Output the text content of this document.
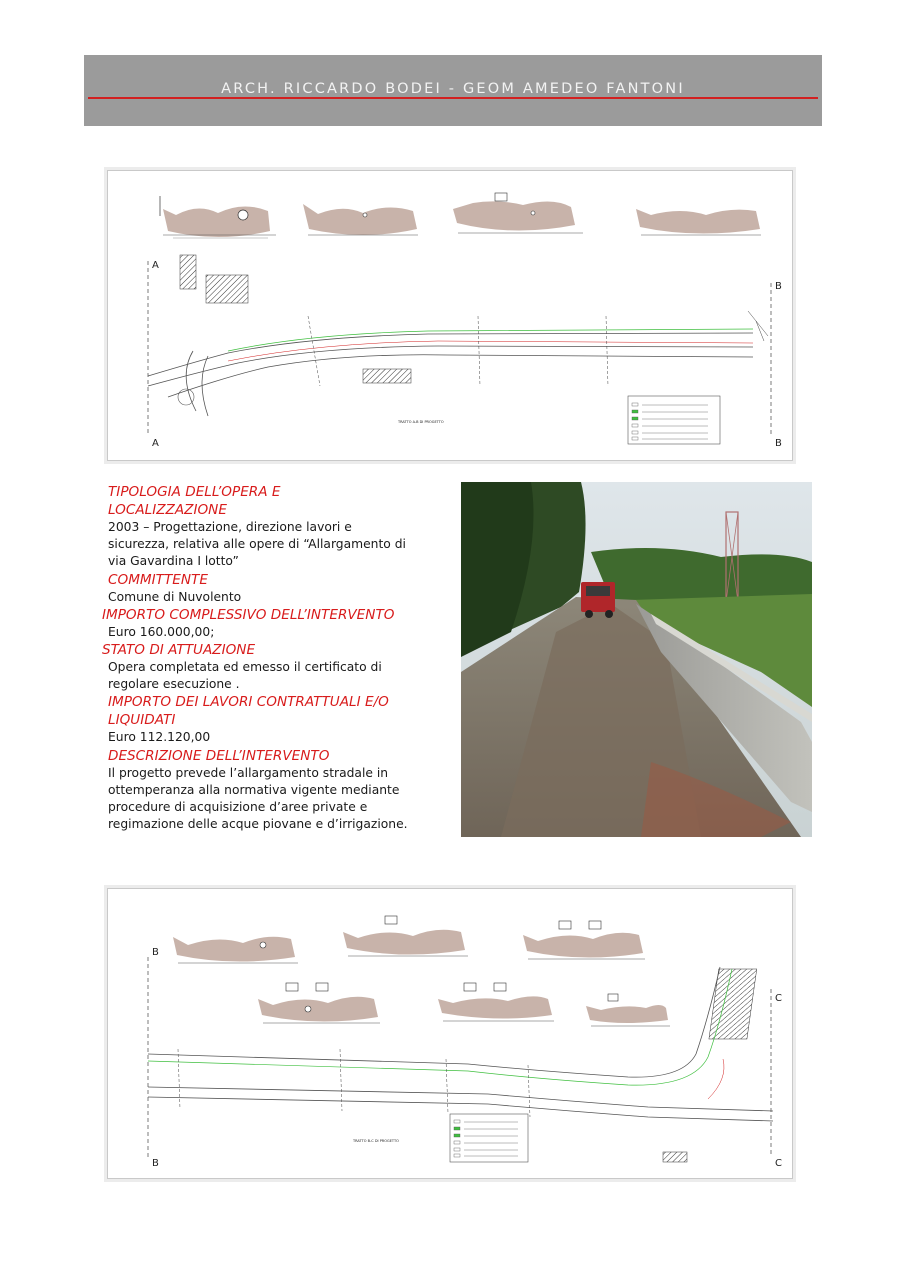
ARCH. RICCARDO BODEI - GEOM AMEDEO FANTONI
A
A
B
B
TRATTO A-B DI PROGETTO
TIPOLOGIA DELL’OPERA E
LOCALIZZAZIONE
2003 – Progettazione, direzione lavori e
sicurezza, relativa alle opere di “Allargamento di
via Gavardina I lotto”
COMMITTENTE
Comune di Nuvolento
IMPORTO COMPLESSIVO DELL’INTERVENTO
Euro 160.000,00;
STATO DI ATTUAZIONE
Opera completata ed emesso il certificato di
regolare esecuzione .
IMPORTO DEI LAVORI CONTRATTUALI E/O
LIQUIDATI
Euro 112.120,00
DESCRIZIONE DELL’INTERVENTO
Il progetto prevede l’allargamento stradale in
ottemperanza alla normativa vigente mediante
procedure di acquisizione d’aree private e
regimazione delle acque piovane e d’irrigazione.
B
B
C
C
TRATTO B-C DI PROGETTO
